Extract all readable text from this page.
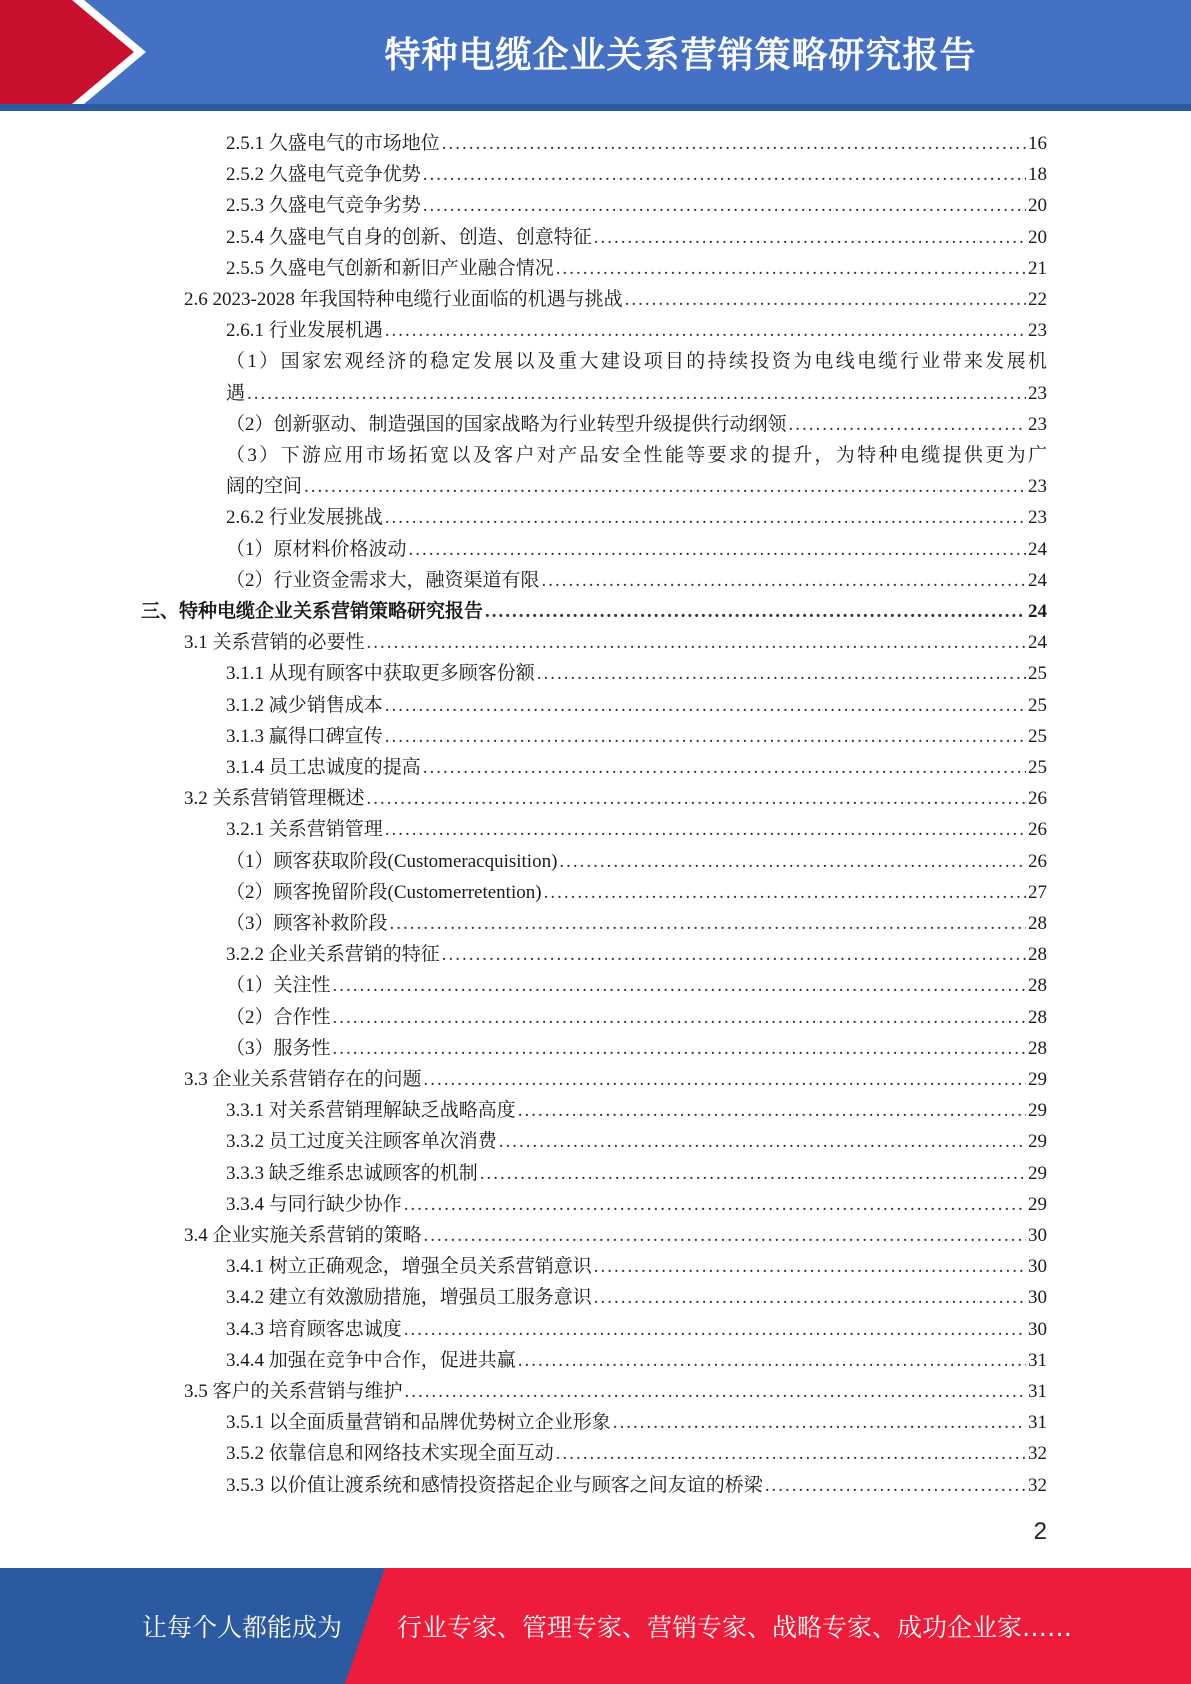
特种电缆企业关系营销策略研究报告
2.5.1 久盛电气的市场地位 .....	16
2.5.2 久盛电气竞争优势 .....	18
2.5.3 久盛电气竞争劣势 .....	20
2.5.4 久盛电气自身的创新、创造、创意特征 .....	20
2.5.5 久盛电气创新和新旧产业融合情况 .....	21
2.6 2023-2028 年我国特种电缆行业面临的机遇与挑战 .....	22
2.6.1 行业发展机遇 .....	23
（1）国家宏观经济的稳定发展以及重大建设项目的持续投资为电线电缆行业带来发展机
遇 .....	23
（2）创新驱动、制造强国的国家战略为行业转型升级提供行动纲领 .....	23
（3）下游应用市场拓宽以及客户对产品安全性能等要求的提升，为特种电缆提供更为广
阔的空间 .....	23
2.6.2 行业发展挑战 .....	23
（1）原材料价格波动 .....	24
（2）行业资金需求大，融资渠道有限 .....	24
三、特种电缆企业关系营销策略研究报告 .....	24
3.1 关系营销的必要性 .....	24
3.1.1 从现有顾客中获取更多顾客份额 .....	25
3.1.2 减少销售成本 .....	25
3.1.3 赢得口碑宣传 .....	25
3.1.4 员工忠诚度的提高 .....	25
3.2 关系营销管理概述 .....	26
3.2.1 关系营销管理 .....	26
（1）顾客获取阶段(Customeracquisition) .....	26
（2）顾客挽留阶段(Customerretention) .....	27
（3）顾客补救阶段 .....	28
3.2.2 企业关系营销的特征 .....	28
（1）关注性 .....	28
（2）合作性 .....	28
（3）服务性 .....	28
3.3 企业关系营销存在的问题 .....	29
3.3.1 对关系营销理解缺乏战略高度 .....	29
3.3.2 员工过度关注顾客单次消费 .....	29
3.3.3 缺乏维系忠诚顾客的机制 .....	29
3.3.4 与同行缺少协作 .....	29
3.4 企业实施关系营销的策略 .....	30
3.4.1 树立正确观念，增强全员关系营销意识 .....	30
3.4.2 建立有效激励措施，增强员工服务意识 .....	30
3.4.3 培育顾客忠诚度 .....	30
3.4.4 加强在竞争中合作，促进共赢 .....	31
3.5 客户的关系营销与维护 .....	31
3.5.1 以全面质量营销和品牌优势树立企业形象 .....	31
3.5.2 依靠信息和网络技术实现全面互动 .....	32
3.5.3 以价值让渡系统和感情投资搭起企业与顾客之间友谊的桥梁 .....	32
2
让每个人都能成为 行业专家、管理专家、营销专家、战略专家、成功企业家……
